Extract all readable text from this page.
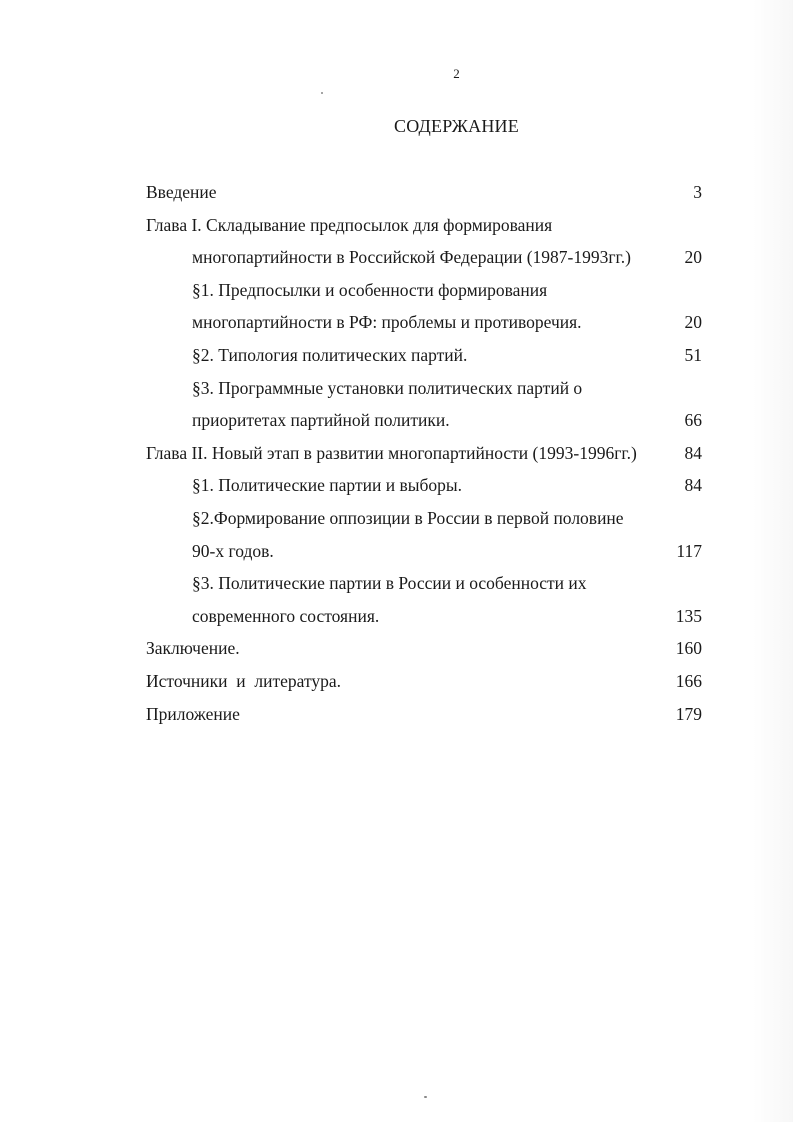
2
СОДЕРЖАНИЕ
Введение	3
Глава I. Складывание предпосылок для формирования
многопартийности в Российской Федерации (1987-1993гг.)	20
§1. Предпосылки и особенности формирования
многопартийности в РФ: проблемы и противоречия.	20
§2. Типология политических партий.	51
§3. Программные установки политических партий о
приоритетах партийной политики.	66
Глава II. Новый этап в развитии многопартийности (1993-1996гг.)	84
§1. Политические партии и выборы.	84
§2.Формирование оппозиции в России в первой половине
90-х годов.	117
§3. Политические партии в России и особенности их
современного состояния.	135
Заключение.	160
Источники  и  литература.	166
Приложение	179
